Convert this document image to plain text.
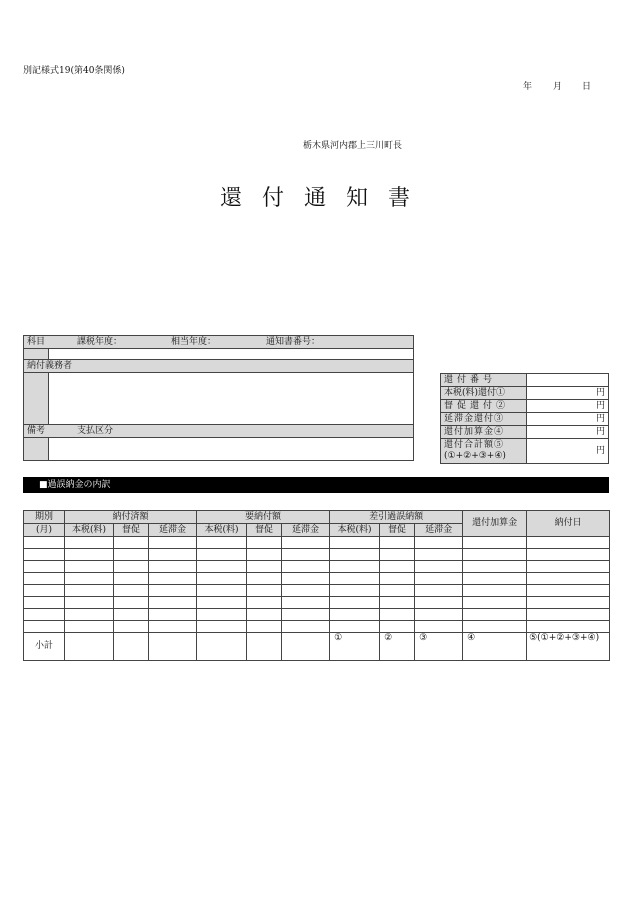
別記様式19(第40条関係)
年 月 日
栃木県河内郡上三川町長
還付通知書
科目	課税年度：	相当年度：	通知書番号：
納付義務者
備考	支払区分
還付番号	
本税(料)還付①	円
督促還付②	円
延滞金還付③	円
還付加算金④	円

還付合計額⑤
(①+②+③+④)	円
■過誤納金の内訳
期別	納付済額			要納付額			差引過誤納額			還付加算金	納付日
(月)	本税(料)	督促	延滞金	本税(料)	督促	延滞金	本税(料)	督促	延滞金		

小計							①	②	③	④	⑤(①+②+③+④)
